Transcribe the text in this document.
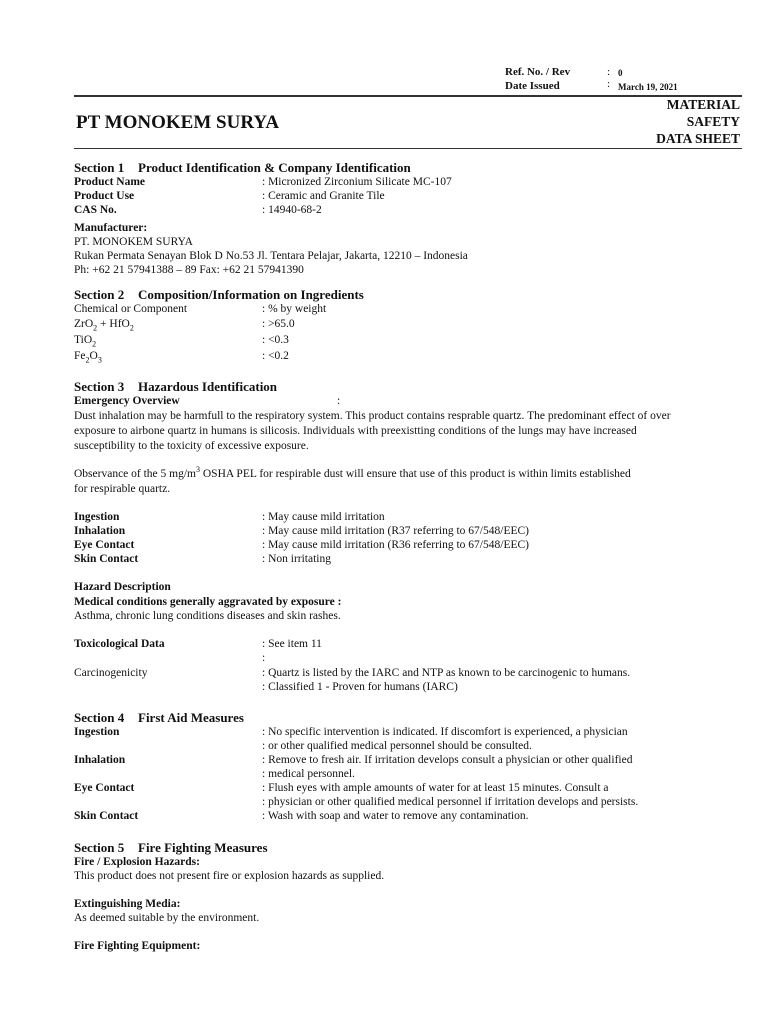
Ref. No. / Rev	: 0
Date Issued	: March 19, 2021
PT MONOKEM SURYA
MATERIAL
SAFETY
DATA SHEET
Section 1 Product Identification & Company Identification
Product Name	: Micronized Zirconium Silicate MC-107
Product Use	: Ceramic and Granite Tile
CAS No.	: 14940-68-2
Manufacturer:
PT. MONOKEM SURYA
Rukan Permata Senayan Blok D No.53 Jl. Tentara Pelajar, Jakarta, 12210 – Indonesia
Ph: +62 21 57941388 – 89 Fax: +62 21 57941390
Section 2 Composition/Information on Ingredients
Chemical or Component	: % by weight
ZrO$_2$ + HfO$_2$	: >65.0
TiO$_2$	: <0.3
$Fe_2O_3$	: <0.2
Section 3 Hazardous Identification
Emergency Overview	:
Dust inhalation may be harmfull to the respiratory system. This product contains resprable quartz. The predominant effect of over exposure to airbone quartz in humans is silicosis. Individuals with preexistting conditions of the lungs may have increased susceptibility to the toxicity of excessive exposure.
Observance of the 5 $mg/m^3$ OSHA PEL for respirable dust will ensure that use of this product is within limits established
for respirable quartz.
Ingestion	: May cause mild irritation
Inhalation	: May cause mild irritation (R37 referring to 67/548/EEC)
Eye Contact	: May cause mild irritation (R36 referring to 67/548/EEC)
Skin Contact	: Non irritating
Hazard Description
Medical conditions generally aggravated by exposure :
Asthma, chronic lung conditions diseases and skin rashes.
Toxicological Data	: See item 11
:
Carcinogenicity	: Quartz is listed by the IARC and NTP as known to be carcinogenic to humans.
: Classified 1 - Proven for humans (IARC)
Section 4 First Aid Measures
Ingestion	: No specific intervention is indicated. If discomfort is experienced, a physician
: or other qualified medical personnel should be consulted.
Inhalation	: Remove to fresh air. If irritation develops consult a physician or other qualified
: medical personnel.
Eye Contact	: Flush eyes with ample amounts of water for at least 15 minutes. Consult a
: physician or other qualified medical personnel if irritation develops and persists.
Skin Contact	: Wash with soap and water to remove any contamination.
Section 5 Fire Fighting Measures
Fire / Explosion Hazards:
This product does not present fire or explosion hazards as supplied.
Extinguishing Media:
As deemed suitable by the environment.
Fire Fighting Equipment:
